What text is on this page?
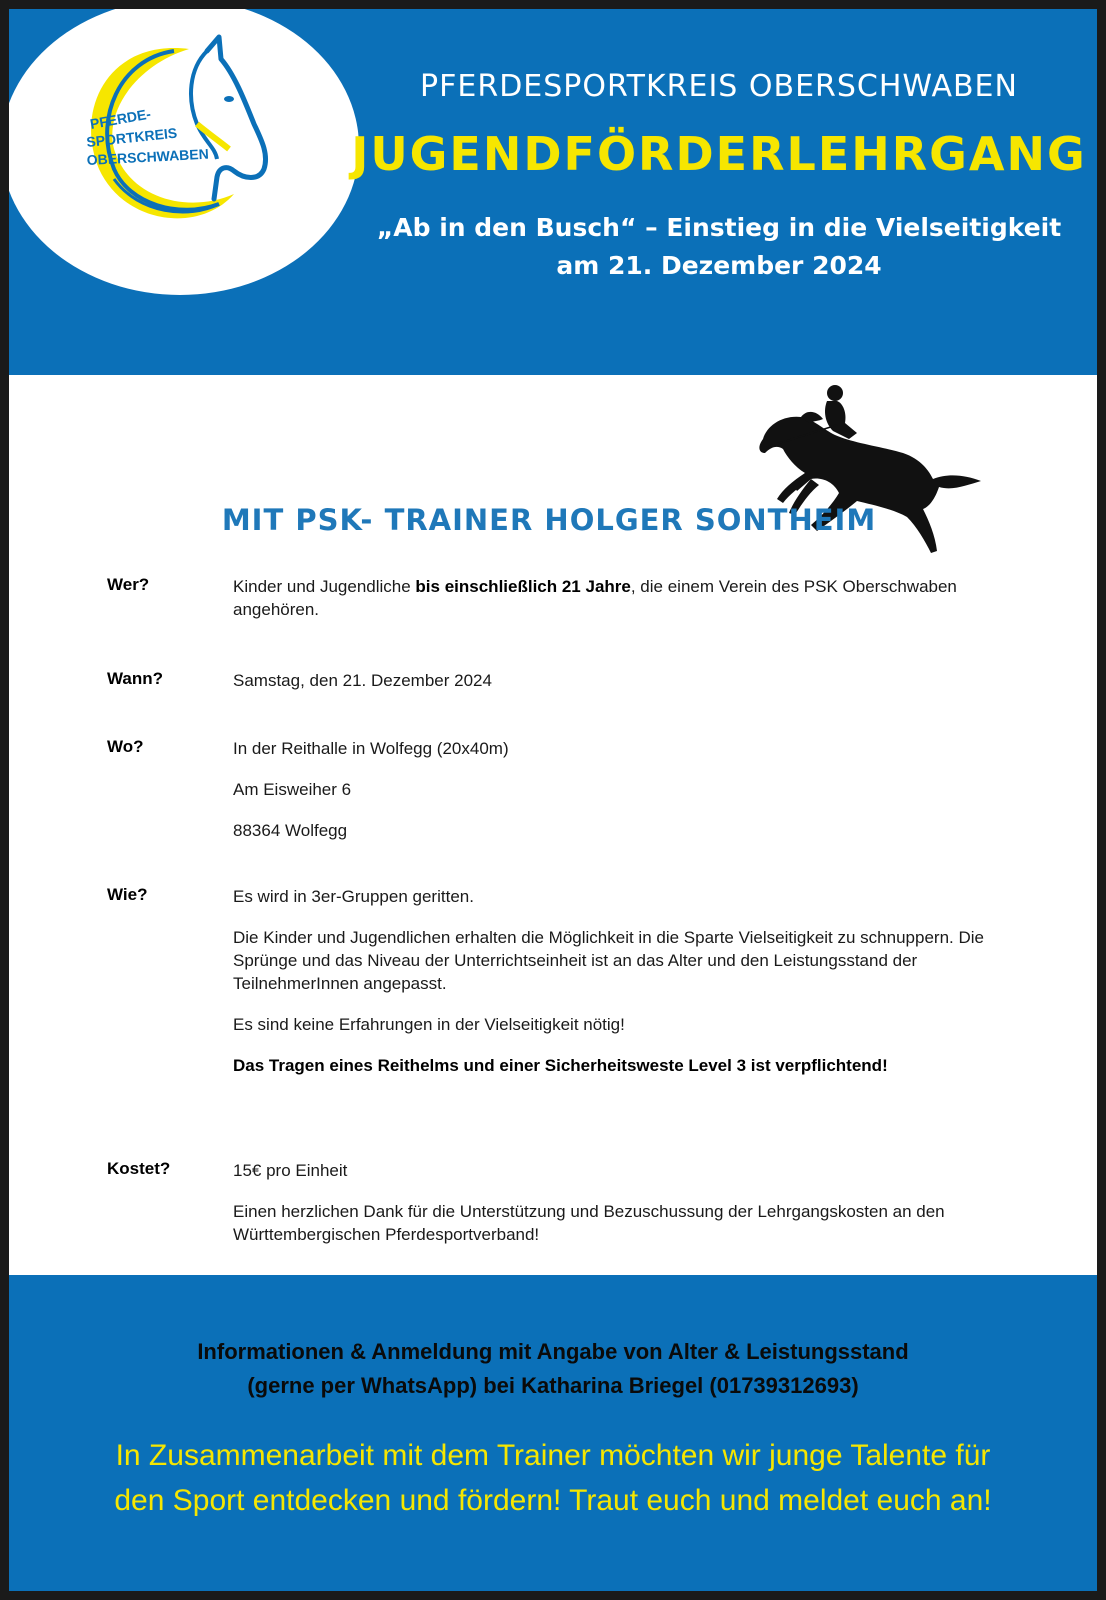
PFERDE-
SPORTKREIS
OBERSCHWABEN
PFERDESPORTKREIS OBERSCHWABEN
JUGENDFÖRDERLEHRGANG
„Ab in den Busch“ – Einstieg in die Vielseitigkeit
am 21. Dezember 2024
MIT PSK- TRAINER HOLGER SONTHEIM
Wer?	Kinder und Jugendliche bis einschließlich 21 Jahre, die einem Verein des PSK Oberschwaben angehören.

Wann?	Samstag, den 21. Dezember 2024

Wo?	In der Reithalle in Wolfegg (20x40m)

Am Eisweiher 6

88364 Wolfegg

Wie?	Es wird in 3er-Gruppen geritten.

Die Kinder und Jugendlichen erhalten die Möglichkeit in die Sparte Vielseitigkeit zu schnuppern. Die Sprünge und das Niveau der Unterrichtseinheit ist an das Alter und den Leistungsstand der TeilnehmerInnen angepasst.

Es sind keine Erfahrungen in der Vielseitigkeit nötig!

Das Tragen eines Reithelms und einer Sicherheitsweste Level 3 ist verpflichtend!

Kostet?	15€ pro Einheit

Einen herzlichen Dank für die Unterstützung und Bezuschussung der Lehrgangskosten an den Württembergischen Pferdesportverband!

Informationen & Anmeldung mit Angabe von Alter & Leistungsstand
(gerne per WhatsApp) bei Katharina Briegel (01739312693)
In Zusammenarbeit mit dem Trainer möchten wir junge Talente für
den Sport entdecken und fördern! Traut euch und meldet euch an!
